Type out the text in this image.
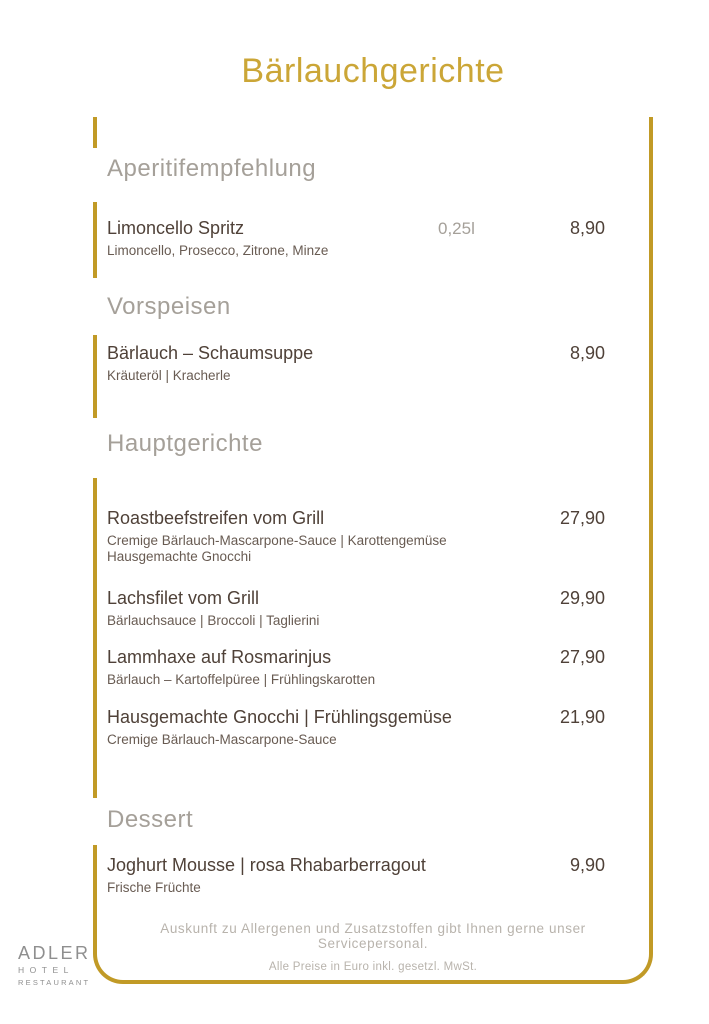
Bärlauchgerichte
Aperitifempfehlung
Limoncello Spritz	0,25l	8,90
Limoncello, Prosecco, Zitrone, Minze
Vorspeisen
Bärlauch – Schaumsuppe	8,90
Kräuteröl | Kracherle
Hauptgerichte
Roastbeefstreifen vom Grill	27,90
Cremige Bärlauch-Mascarpone-Sauce | Karottengemüse
Hausgemachte Gnocchi
Lachsfilet vom Grill	29,90
Bärlauchsauce | Broccoli | Taglierini
Lammhaxe auf Rosmarinjus	27,90
Bärlauch – Kartoffelpüree | Frühlingskarotten
Hausgemachte Gnocchi | Frühlingsgemüse	21,90
Cremige Bärlauch-Mascarpone-Sauce
Dessert
Joghurt Mousse | rosa Rhabarberragout	9,90
Frische Früchte
Auskunft zu Allergenen und Zusatzstoffen gibt Ihnen gerne unser Servicepersonal.
Alle Preise in Euro inkl. gesetzl. MwSt.
ADLER
HOTEL
RESTAURANT
